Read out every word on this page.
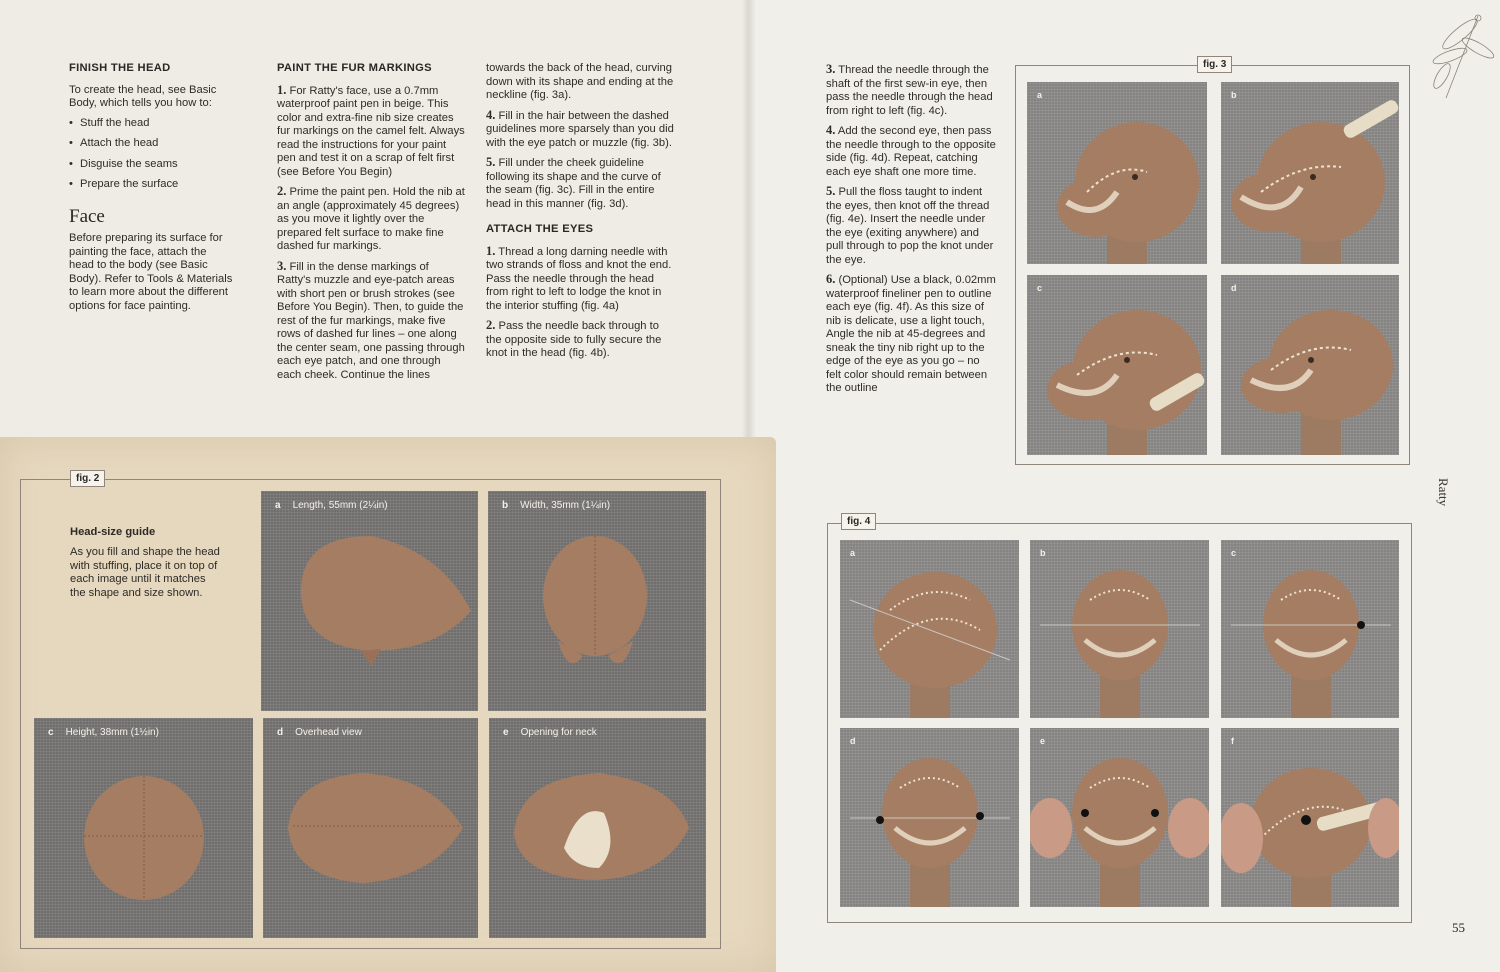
FINISH THE HEAD

To create the head, see Basic Body, which tells you how to:

• Stuff the head
• Attach the head
• Disguise the seams
• Prepare the surface
Face

Before preparing its surface for painting the face, attach the head to the body (see Basic Body). Refer to Tools & Materials to learn more about the different options for face painting.

PAINT THE FUR MARKINGS

1. For Ratty's face, use a 0.7mm waterproof paint pen in beige. This color and extra-fine nib size creates fur markings on the camel felt. Always read the instructions for your paint pen and test it on a scrap of felt first (see Before You Begin)

2. Prime the paint pen. Hold the nib at an angle (approximately 45 degrees) as you move it lightly over the prepared felt surface to make fine dashed fur markings.

3. Fill in the dense markings of Ratty's muzzle and eye-patch areas with short pen or brush strokes (see Before You Begin). Then, to guide the rest of the fur markings, make five rows of dashed fur lines – one along the center seam, one passing through each eye patch, and one through each cheek. Continue the lines

towards the back of the head, curving down with its shape and ending at the neckline (fig. 3a).

4. Fill in the hair between the dashed guidelines more sparsely than you did with the eye patch or muzzle (fig. 3b).

5. Fill under the cheek guideline following its shape and the curve of the seam (fig. 3c). Fill in the entire head in this manner (fig. 3d).

ATTACH THE EYES

1. Thread a long darning needle with two strands of floss and knot the end. Pass the needle through the head from right to left to lodge the knot in the interior stuffing (fig. 4a)

2. Pass the needle back through to the opposite side to fully secure the knot in the head (fig. 4b).

3. Thread the needle through the shaft of the first sew-in eye, then pass the needle through the head from right to left (fig. 4c).

4. Add the second eye, then pass the needle through to the opposite side (fig. 4d). Repeat, catching each eye shaft one more time.

5. Pull the floss taught to indent the eyes, then knot off the thread (fig. 4e). Insert the needle under the eye (exiting anywhere) and pull through to pop the knot under the eye.

6. (Optional) Use a black, 0.02mm waterproof fineliner pen to outline each eye (fig. 4f). As this size of nib is delicate, use a light touch, Angle the nib at 45-degrees and sneak the tiny nib right up to the edge of the eye as you go – no felt color should remain between the outline

fig. 3
a	b
c	d
Ratty
fig. 4
a	b	c
d	e	f
fig. 2
Head-size guide
As you fill and shape the head with stuffing, place it on top of each image until it matches the shape and size shown.
a Length, 55mm (2¼in)	b Width, 35mm (1¼in)
c Height, 38mm (1½in)	d Overhead view	e Opening for neck
55
